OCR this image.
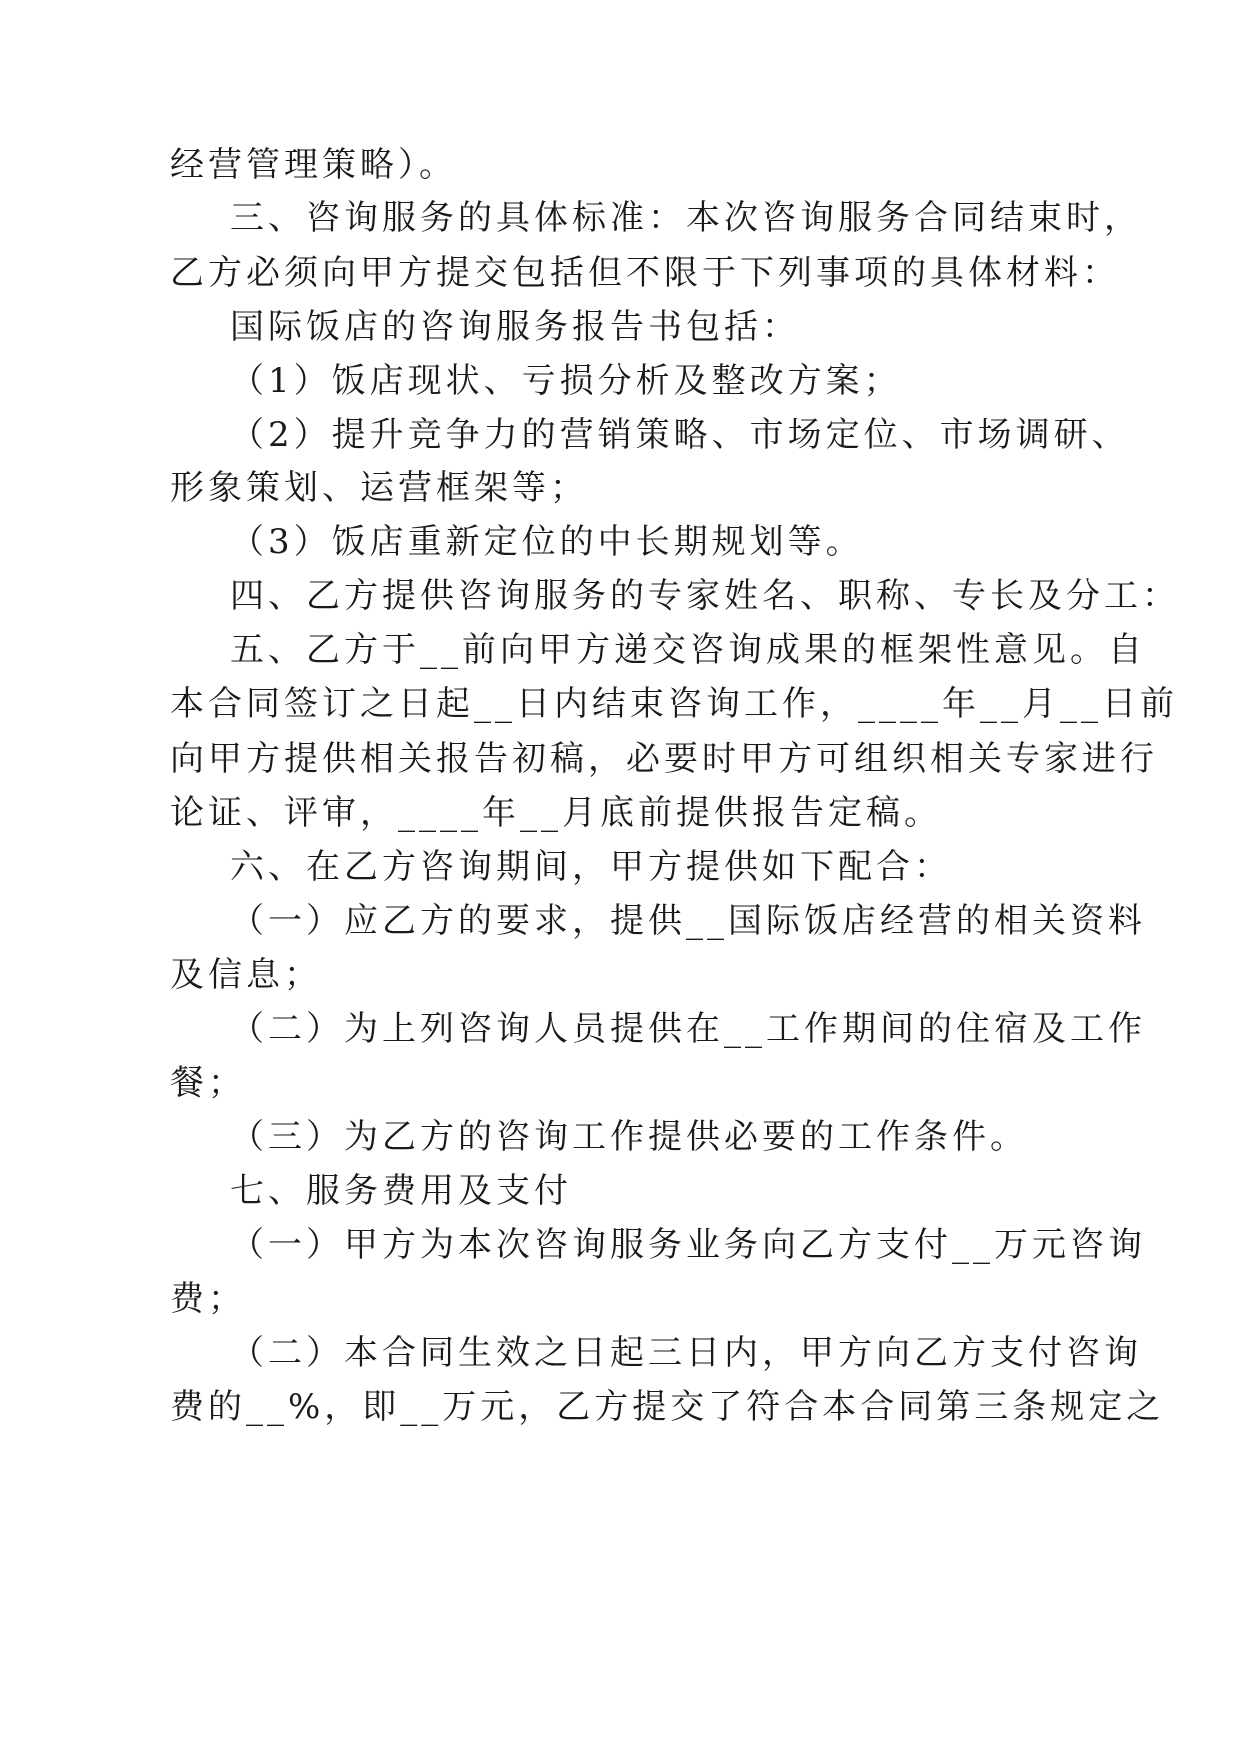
经营管理策略）。
三、咨询服务的具体标准：本次咨询服务合同结束时，
乙方必须向甲方提交包括但不限于下列事项的具体材料：
国际饭店的咨询服务报告书包括：
（1）饭店现状、亏损分析及整改方案；
（2）提升竞争力的营销策略、市场定位、市场调研、
形象策划、运营框架等；
（3）饭店重新定位的中长期规划等。
四、乙方提供咨询服务的专家姓名、职称、专长及分工：
五、乙方于__前向甲方递交咨询成果的框架性意见。自
本合同签订之日起__日内结束咨询工作，____年__月__日前
向甲方提供相关报告初稿，必要时甲方可组织相关专家进行
论证、评审，____年__月底前提供报告定稿。
六、在乙方咨询期间，甲方提供如下配合：
（一）应乙方的要求，提供__国际饭店经营的相关资料
及信息；
（二）为上列咨询人员提供在__工作期间的住宿及工作
餐；
（三）为乙方的咨询工作提供必要的工作条件。
七、服务费用及支付
（一）甲方为本次咨询服务业务向乙方支付__万元咨询
费；
（二）本合同生效之日起三日内，甲方向乙方支付咨询
费的__%，即__万元，乙方提交了符合本合同第三条规定之
